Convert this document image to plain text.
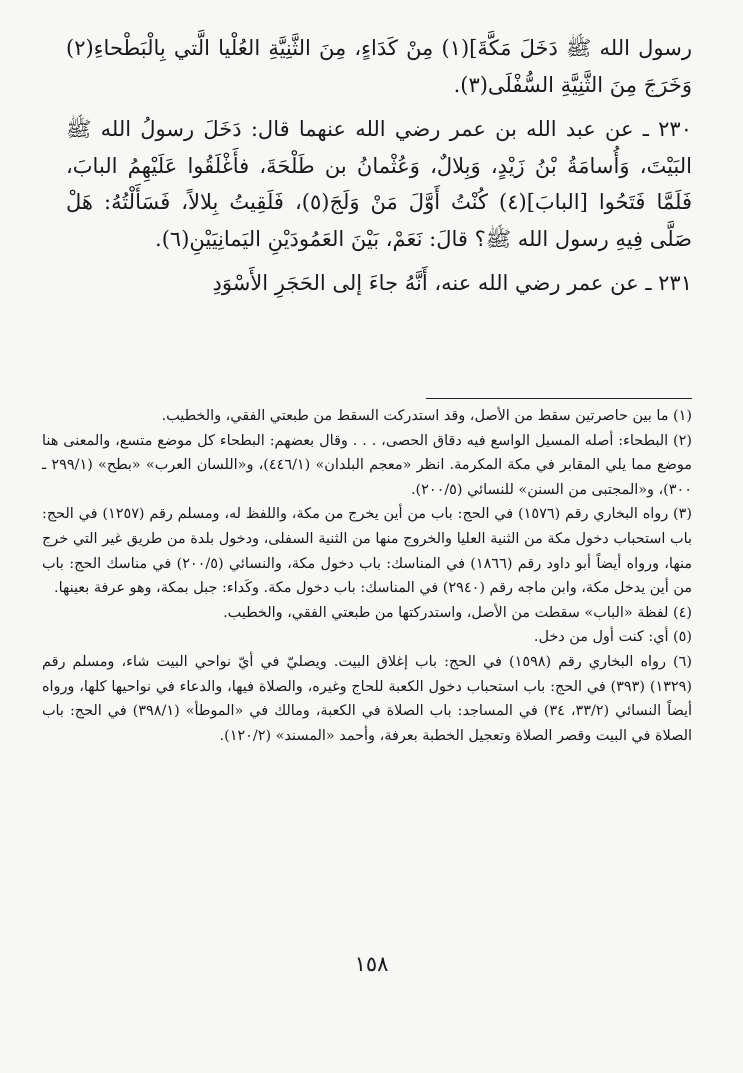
رسول الله ﷺ دَخَلَ مَكَّةَ](١) مِنْ كَدَاءٍ، مِنَ الثَّنِيَّةِ العُلْيا الَّتي بِالْبَطْحاءِ(٢) وَخَرَجَ مِنَ الثَّنِيَّةِ السُّفْلَى(٣).

٢٣٠ ـ عن عبد الله بن عمر رضي الله عنهما قال: دَخَلَ رسولُ الله ﷺ البَيْتَ، وَأُسامَةُ بْنُ زَيْدٍ، وَبِلالٌ، وَعُثْمانُ بن طَلْحَةَ، فأَغْلَقُوا عَلَيْهِمُ البابَ، فَلَمَّا فَتَحُوا [البابَ](٤) كُنْتُ أَوَّلَ مَنْ وَلَجَ(٥)، فَلَقِيتُ بِلالاً، فَسَأَلْتُهُ: هَلْ صَلَّى فِيهِ رسول الله ﷺ؟ قالَ: نَعَمْ، بَيْنَ العَمُودَيْنِ اليَمانِيَيْنِ(٦).

٢٣١ ـ عن عمر رضي الله عنه، أَنَّهُ جاءَ إلى الحَجَرِ الأَسْوَدِ

(١) ما بين حاصرتين سقط من الأصل، وقد استدركت السقط من طبعتي الفقي، والخطيب.

(٢) البطحاء: أصله المسيل الواسع فيه دقاق الحصى، . . . وقال بعضهم: البطحاء كل موضع متسع، والمعنى هنا موضع مما يلي المقابر في مكة المكرمة. انظر «معجم البلدان» (٤٤٦/١)، و«اللسان العرب» «بطح» (٢٩٩/١ ـ ٣٠٠)، و«المجتبى من السنن» للنسائي (٢٠٠/٥).

(٣) رواه البخاري رقم (١٥٧٦) في الحج: باب من أين يخرج من مكة، واللفظ له، ومسلم رقم (١٢٥٧) في الحج: باب استحباب دخول مكة من الثنية العليا والخروج منها من الثنية السفلى، ودخول بلدة من طريق غير التي خرج منها، ورواه أيضاً أبو داود رقم (١٨٦٦) في المناسك: باب دخول مكة، والنسائي (٢٠٠/٥) في مناسك الحج: باب من أين يدخل مكة، وابن ماجه رقم (٢٩٤٠) في المناسك: باب دخول مكة. وكَداء: جبل بمكة، وهو عرفة بعينها.

(٤) لفظة «الباب» سقطت من الأصل، واستدركتها من طبعتي الفقي، والخطيب.

(٥) أي: كنت أول من دخل.

(٦) رواه البخاري رقم (١٥٩٨) في الحج: باب إغلاق البيت. ويصليّ في أيّ نواحي البيت شاء، ومسلم رقم (١٣٢٩) (٣٩٣) في الحج: باب استحباب دخول الكعبة للحاج وغيره، والصلاة فيها، والدعاء في نواحيها كلها، ورواه أيضاً النسائي (٣٣/٢، ٣٤) في المساجد: باب الصلاة في الكعبة، ومالك في «الموطأ» (٣٩٨/١) في الحج: باب الصلاة في البيت وقصر الصلاة وتعجيل الخطبة بعرفة، وأحمد «المسند» (١٢٠/٢).

١٥٨
